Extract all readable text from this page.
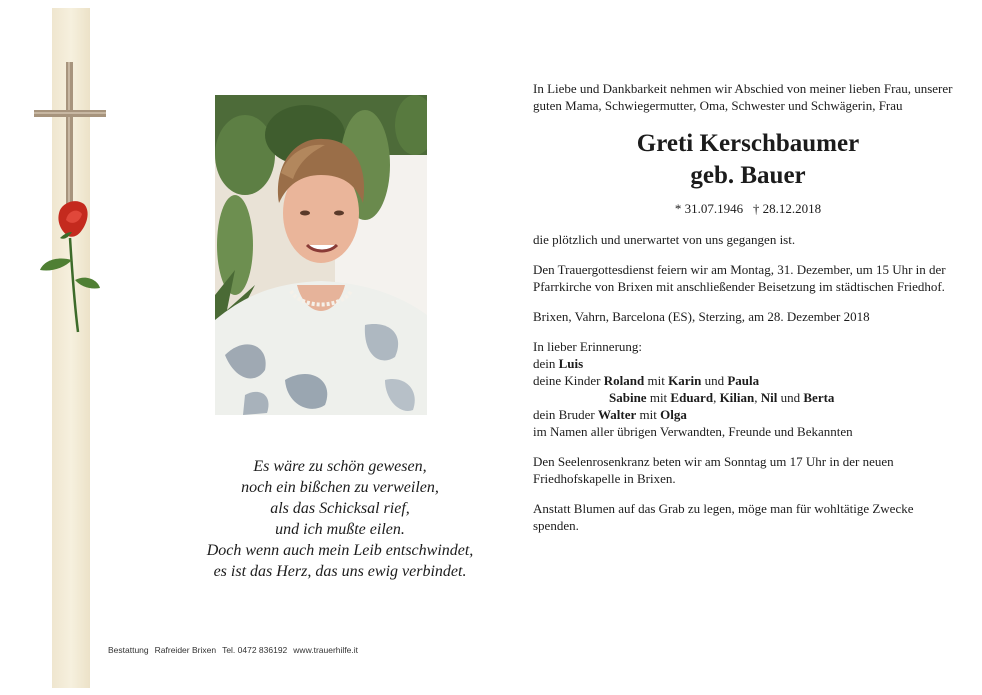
Es wäre zu schön gewesen,
noch ein bißchen zu verweilen,
als das Schicksal rief,
und ich mußte eilen.
Doch wenn auch mein Leib entschwindet,
es ist das Herz, das uns ewig verbindet.
Bestattung Rafreider Brixen Tel. 0472 836192 www.trauerhilfe.it

In Liebe und Dankbarkeit nehmen wir Abschied von meiner lieben Frau, unserer guten Mama, Schwiegermutter, Oma, Schwester und Schwägerin, Frau

Greti Kerschbaumer
geb. Bauer
* 31.07.1946 † 28.12.2018
die plötzlich und unerwartet von uns gegangen ist.
Den Trauergottesdienst feiern wir am Montag, 31. Dezember, um 15 Uhr in der Pfarrkirche von Brixen mit anschließender Beisetzung im städtischen Friedhof.
Brixen, Vahrn, Barcelona (ES), Sterzing, am 28. Dezember 2018
In lieber Erinnerung:
dein Luis
deine Kinder Roland mit Karin und Paula
Sabine mit Eduard, Kilian, Nil und Berta
dein Bruder Walter mit Olga
im Namen aller übrigen Verwandten, Freunde und Bekannten
Den Seelenrosenkranz beten wir am Sonntag um 17 Uhr in der neuen Friedhofskapelle in Brixen.
Anstatt Blumen auf das Grab zu legen, möge man für wohltätige Zwecke spenden.
